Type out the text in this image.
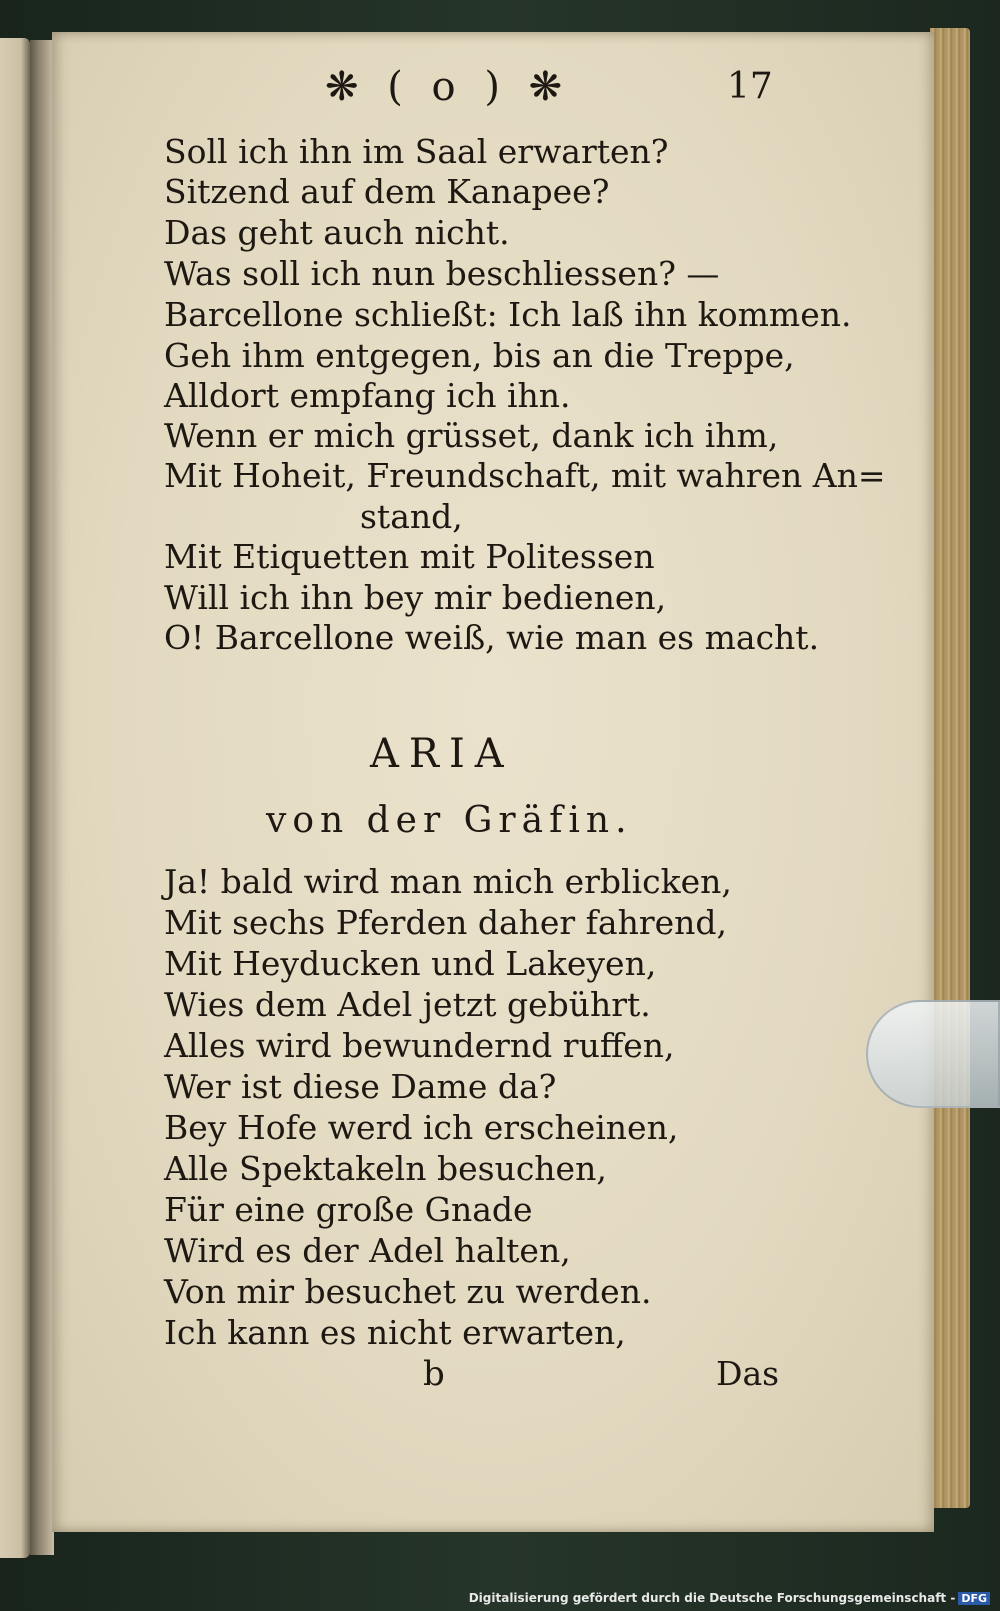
❋ ( o ) ❋	17
Soll ich ihn im Saal erwarten?
Sitzend auf dem Kanapee?
Das geht auch nicht.
Was soll ich nun beschliessen? —
Barcellone schließt: Ich laß ihn kommen.
Geh ihm entgegen, bis an die Treppe,
Alldort empfang ich ihn.
Wenn er mich grüsset, dank ich ihm,
Mit Hoheit, Freundschaft, mit wahren An=
stand,
Mit Etiquetten mit Politessen
Will ich ihn bey mir bedienen,
O! Barcellone weiß, wie man es macht.
ARIA
von der Gräfin.
Ja! bald wird man mich erblicken,
Mit sechs Pferden daher fahrend,
Mit Heyducken und Lakeyen,
Wies dem Adel jetzt gebührt.
Alles wird bewundernd ruffen,
Wer ist diese Dame da?
Bey Hofe werd ich erscheinen,
Alle Spektakeln besuchen,
Für eine große Gnade
Wird es der Adel halten,
Von mir besuchet zu werden.
Ich kann es nicht erwarten,
b	Das
Digitalisierung gefördert durch die Deutsche Forschungsgemeinschaft - DFG
